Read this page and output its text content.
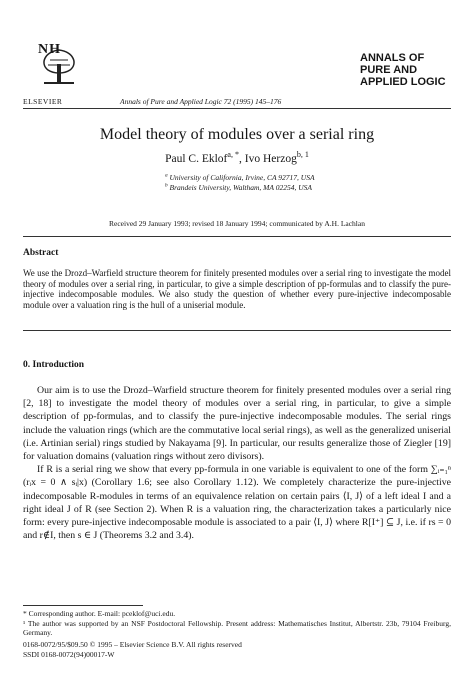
NH
ELSEVIER	Annals of Pure and Applied Logic 72 (1995) 145–176
ANNALS OF
PURE AND
APPLIED LOGIC
Model theory of modules over a serial ring
Paul C. Eklof$^{a, *}$, Ivo Herzog$^{b, 1}$
$^a$ University of California, Irvine, CA 92717, USA
$^b$ Brandeis University, Waltham, MA 02254, USA
Received 29 January 1993; revised 18 January 1994; communicated by A.H. Lachlan
Abstract
We use the Drozd–Warfield structure theorem for finitely presented modules over a serial ring to investigate the model theory of modules over a serial ring, in particular, to give a simple description of pp-formulas and to classify the pure-injective indecomposable modules. We also study the question of whether every pure-injective indecomposable module over a valuation ring is the hull of a uniserial module.
0. Introduction

Our aim is to use the Drozd–Warfield structure theorem for finitely presented modules over a serial ring [2, 18] to investigate the model theory of modules over a serial ring, in particular, to give a simple description of pp-formulas, and to classify the pure-injective indecomposable modules. The serial rings include the valuation rings (which are the commutative local serial rings), as well as the generalized uniserial (i.e. Artinian serial) rings studied by Nakayama [9]. In particular, our results generalize those of Ziegler [19] for valuation domains (valuation rings without zero divisors).

If R is a serial ring we show that every pp-formula in one variable is equivalent to one of the form ∑ᵢ₌₁ⁿ (rᵢx = 0 ∧ sᵢ|x) (Corollary 1.6; see also Corollary 1.12). We completely characterize the pure-injective indecomposable R-modules in terms of an equivalence relation on certain pairs ⟨I, J⟩ of a left ideal I and a right ideal J of R (see Section 2). When R is a valuation ring, the characterization takes a particularly nice form: every pure-injective indecomposable module is associated to a pair ⟨I, J⟩ where R[I⁺] ⊆ J, i.e. if rs = 0 and r∉I, then s ∈ J (Theorems 3.2 and 3.4).

* Corresponding author. E-mail: pceklof@uci.edu.

¹ The author was supported by an NSF Postdoctoral Fellowship. Present address: Mathematisches Institut, Albertstr. 23b, 79104 Freiburg, Germany.

0168-0072/95/$09.50 © 1995 – Elsevier Science B.V. All rights reserved
SSDI 0168-0072(94)00017-W
